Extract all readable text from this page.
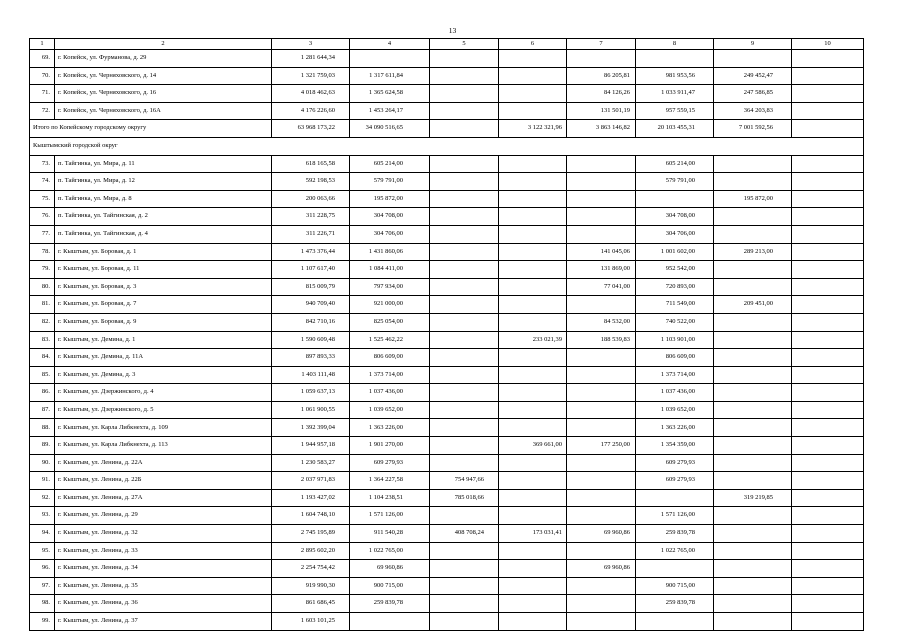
13
1	2	3	4	5	6	7	8	9	10
69.	г. Копейск, ул. Фурманова, д. 29	1 281 644,34							
70.	г. Копейск, ул. Черняховского, д. 14	1 321 759,03	1 317 611,84			86 205,81	981 953,56	249 452,47	
71.	г. Копейск, ул. Черняховского, д. 16	4 018 462,63	1 365 624,58			84 126,26	1 033 911,47	247 586,85	
72.	г. Копейск, ул. Черняховского, д. 16А	4 176 226,60	1 453 264,17			131 501,19	957 559,15	364 203,83	
Итого по Копейскому городскому округу		63 968 173,22	34 090 516,65		3 122 321,96	3 863 146,82	20 103 455,31	7 001 592,56	
Кыштымский городской округ									
73.	п. Тайгинка, ул. Мира, д. 11	618 165,58	605 214,00				605 214,00		
74.	п. Тайгинка, ул. Мира, д. 12	592 198,53	579 791,00				579 791,00		
75.	п. Тайгинка, ул. Мира, д. 8	200 063,66	195 872,00					195 872,00	
76.	п. Тайгинка, ул. Тайгинская, д. 2	311 228,75	304 708,00				304 708,00		
77.	п. Тайгинка, ул. Тайгинская, д. 4	311 226,71	304 706,00				304 706,00		
78.	г. Кыштым, ул. Боровая, д. 1	1 473 376,44	1 431 860,06			141 045,06	1 001 602,00	289 213,00	
79.	г. Кыштым, ул. Боровая, д. 11	1 107 617,40	1 084 411,00			131 869,00	952 542,00		
80.	г. Кыштым, ул. Боровая, д. 3	815 009,79	797 934,00			77 041,00	720 893,00		
81.	г. Кыштым, ул. Боровая, д. 7	940 709,40	921 000,00				711 549,00	209 451,00	
82.	г. Кыштым, ул. Боровая, д. 9	842 710,16	825 054,00			84 532,00	740 522,00		
83.	г. Кыштым, ул. Демина, д. 1	1 590 609,48	1 525 462,22		233 021,39	188 539,83	1 103 901,00		
84.	г. Кыштым, ул. Демина, д. 11А	897 893,33	806 609,00				806 609,00		
85.	г. Кыштым, ул. Демина, д. 3	1 403 111,48	1 373 714,00				1 373 714,00		
86.	г. Кыштым, ул. Дзержинского, д. 4	1 059 637,13	1 037 436,00				1 037 436,00		
87.	г. Кыштым, ул. Дзержинского, д. 5	1 061 900,55	1 039 652,00				1 039 652,00		
88.	г. Кыштым, ул. Карла Либкнехта, д. 109	1 392 399,04	1 363 226,00				1 363 226,00		
89.	г. Кыштым, ул. Карла Либкнехта, д. 113	1 944 957,18	1 901 270,00		369 661,00	177 250,00	1 354 359,00		
90.	г. Кыштым, ул. Ленина, д. 22А	1 230 583,27	609 279,93				609 279,93		
91.	г. Кыштым, ул. Ленина, д. 22Б	2 037 971,83	1 364 227,58	754 947,66			609 279,93		
92.	г. Кыштым, ул. Ленина, д. 27А	1 193 427,02	1 104 238,51	785 018,66				319 219,85	
93.	г. Кыштым, ул. Ленина, д. 29	1 604 748,10	1 571 126,00				1 571 126,00		
94.	г. Кыштым, ул. Ленина, д. 32	2 745 195,89	911 540,28	408 708,24	173 031,41	69 960,86	259 839,78		
95.	г. Кыштым, ул. Ленина, д. 33	2 895 602,20	1 022 765,00				1 022 765,00		
96.	г. Кыштым, ул. Ленина, д. 34	2 254 754,42	69 960,86			69 960,86			
97.	г. Кыштым, ул. Ленина, д. 35	919 990,30	900 715,00				900 715,00		
98.	г. Кыштым, ул. Ленина, д. 36	861 686,45	259 839,78				259 839,78		
99.	г. Кыштым, ул. Ленина, д. 37	1 603 101,25							
